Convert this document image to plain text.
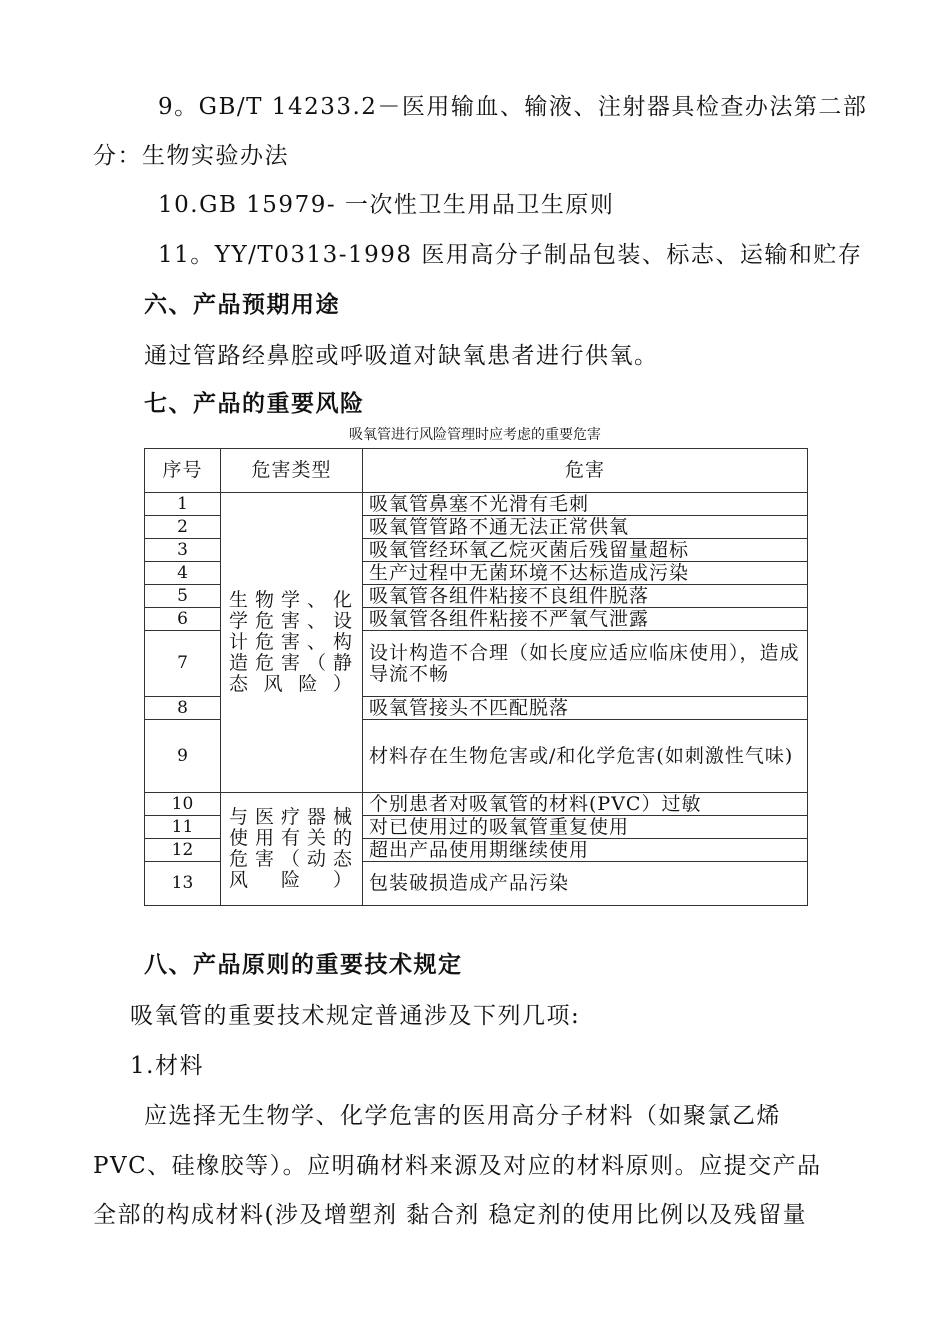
9。GB/T 14233.2－医用输血、输液、注射器具检查办法第二部
分：生物实验办法
10.GB 15979- 一次性卫生用品卫生原则
11。YY/T0313-1998 医用高分子制品包装、标志、运输和贮存
六、产品预期用途
通过管路经鼻腔或呼吸道对缺氧患者进行供氧。
七、产品的重要风险
吸氧管进行风险管理时应考虑的重要危害
序号	危害类型	危害
1	生物学、化学危害、设计危害、构造危害（静态风险）	吸氧管鼻塞不光滑有毛刺
2		吸氧管管路不通无法正常供氧
3		吸氧管经环氧乙烷灭菌后残留量超标
4		生产过程中无菌环境不达标造成污染
5		吸氧管各组件粘接不良组件脱落
6		吸氧管各组件粘接不严氧气泄露
7		设计构造不合理（如长度应适应临床使用），造成导流不畅
8		吸氧管接头不匹配脱落
9		材料存在生物危害或/和化学危害(如刺激性气味)
10	与医疗器械使用有关的危害（动态风险）	个别患者对吸氧管的材料(PVC）过敏
11		对已使用过的吸氧管重复使用
12		超出产品使用期继续使用
13		包装破损造成产品污染
八、产品原则的重要技术规定
吸氧管的重要技术规定普通涉及下列几项:
1.材料
应选择无生物学、化学危害的医用高分子材料（如聚氯乙烯
PVC、硅橡胶等）。应明确材料来源及对应的材料原则。应提交产品
全部的构成材料(涉及增塑剂 黏合剂 稳定剂的使用比例以及残留量
